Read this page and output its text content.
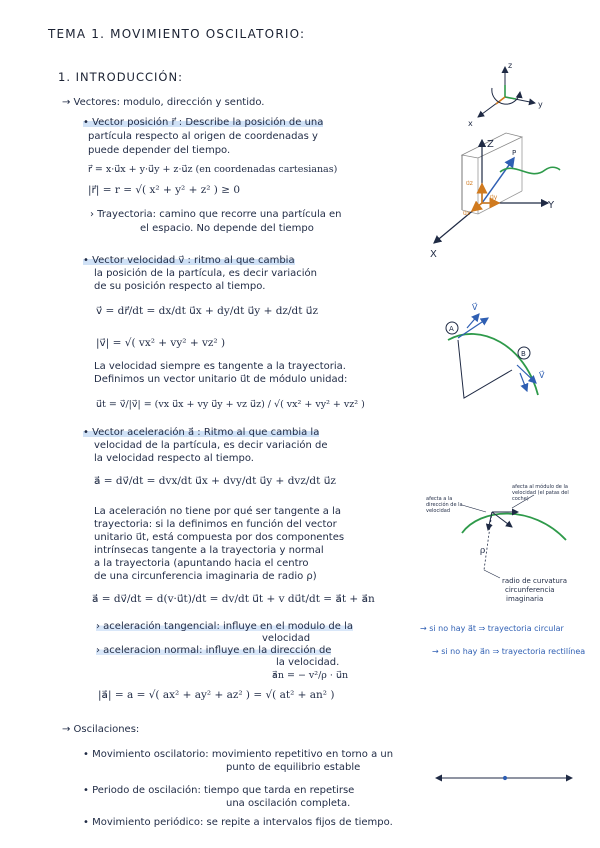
TEMA 1. MOVIMIENTO OSCILATORIO:
1. INTRODUCCIÓN:
→ Vectores: modulo, dirección y sentido.
• Vector posición r⃗ : Describe la posición de una
partícula respecto al origen de coordenadas y
puede depender del tiempo.
r⃗ = x·u⃗x + y·u⃗y + z·u⃗z (en coordenadas cartesianas)
|r⃗| = r = √( x² + y² + z² ) ≥ 0
› Trayectoria: camino que recorre una partícula en
el espacio. No depende del tiempo
• Vector velocidad v⃗ : ritmo al que cambia
la posición de la partícula, es decir variación
de su posición respecto al tiempo.
v⃗ = dr⃗/dt = dx/dt u⃗x + dy/dt u⃗y + dz/dt u⃗z
|v⃗| = √( vx² + vy² + vz² )
La velocidad siempre es tangente a la trayectoria.
Definimos un vector unitario u⃗t de módulo unidad:
u⃗t = v⃗/|v⃗| = (vx u⃗x + vy u⃗y + vz u⃗z) / √( vx² + vy² + vz² )
• Vector aceleración a⃗ : Ritmo al que cambia la
velocidad de la partícula, es decir variación de
la velocidad respecto al tiempo.
a⃗ = dv⃗/dt = dvx/dt u⃗x + dvy/dt u⃗y + dvz/dt u⃗z
La aceleración no tiene por qué ser tangente a la
trayectoria: si la definimos en función del vector
unitario u⃗t, está compuesta por dos componentes
intrínsecas tangente a la trayectoria y normal
a la trayectoria (apuntando hacia el centro
de una circunferencia imaginaria de radio ρ)
a⃗ = dv⃗/dt = d(v·u⃗t)/dt = dv/dt u⃗t + v du⃗t/dt = a⃗t + a⃗n
› aceleración tangencial: influye en el modulo de la
velocidad
→ si no hay a⃗t ⇒ trayectoria circular
› aceleracion normal: influye en la dirección de
la velocidad.
→ si no hay a⃗n ⇒ trayectoria rectilínea
a⃗n = − v²/ρ · u⃗n
|a⃗| = a = √( ax² + ay² + az² ) = √( at² + an² )
→ Oscilaciones:
• Movimiento oscilatorio: movimiento repetitivo en torno a un
punto de equilibrio estable
• Periodo de oscilación: tiempo que tarda en repetirse
una oscilación completa.
• Movimiento periódico: se repite a intervalos fijos de tiempo.
z
y
x
Z
Y
X
P
u⃗x
u⃗y
u⃗z
A
B
V⃗
V⃗
ρ
afecta a la dirección de la velocidad
afecta al módulo de la velocidad (el patas del coche)
radio de curvatura
circunferencia
imaginaria
